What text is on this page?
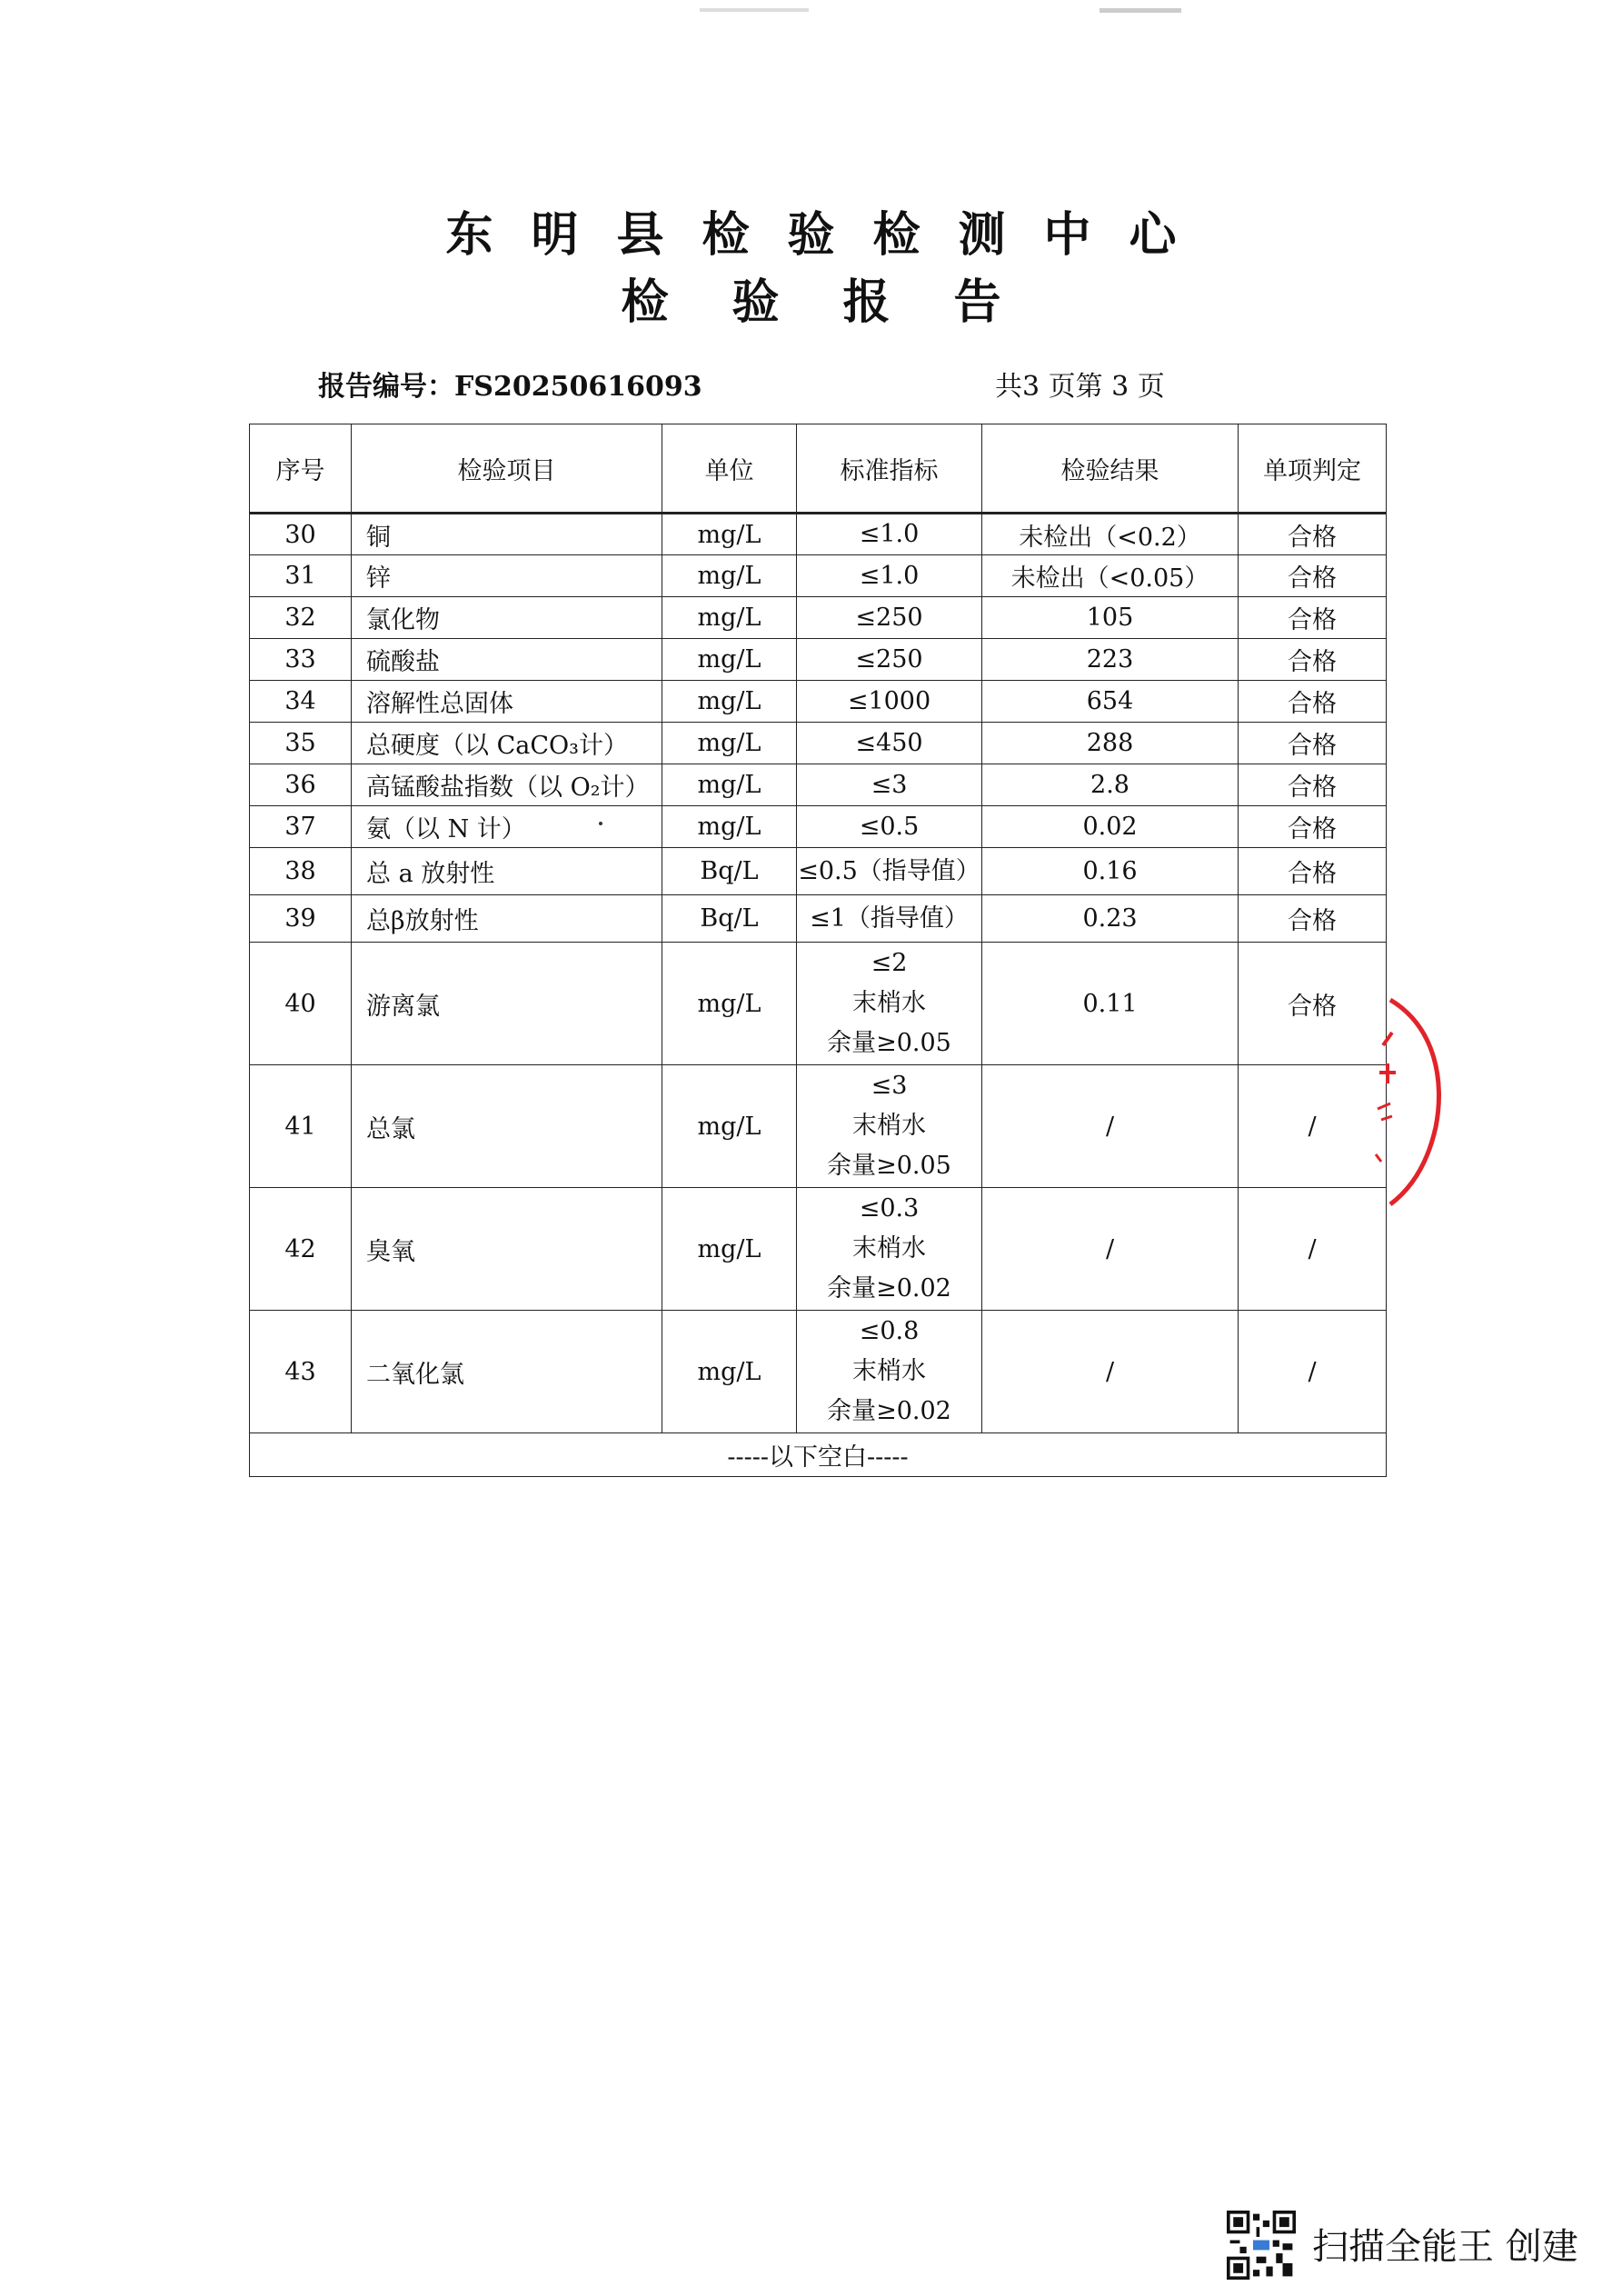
东明县检验检测中心
检验报告
报告编号：FS20250616093	共3 页第 3 页
序号	检验项目	单位	标准指标	检验结果	单项判定
30	铜	mg/L	≤1.0	未检出（<0.2）	合格
31	锌	mg/L	≤1.0	未检出（<0.05）	合格
32	氯化物	mg/L	≤250	105	合格
33	硫酸盐	mg/L	≤250	223	合格
34	溶解性总固体	mg/L	≤1000	654	合格
35	总硬度（以 CaCO₃计）	mg/L	≤450	288	合格
36	高锰酸盐指数（以 O₂计）	mg/L	≤3	2.8	合格
37	氨（以 N 计）	mg/L	≤0.5	0.02	合格
38	总 a 放射性	Bq/L	≤0.5（指导值）	0.16	合格
39	总β放射性	Bq/L	≤1（指导值）	0.23	合格
40	游离氯	mg/L	≤2
末梢水
余量≥0.05	0.11	合格
41	总氯	mg/L	≤3
末梢水
余量≥0.05	/	/
42	臭氧	mg/L	≤0.3
末梢水
余量≥0.02	/	/
43	二氧化氯	mg/L	≤0.8
末梢水
余量≥0.02	/	/
-----以下空白-----					
扫描全能王 创建
